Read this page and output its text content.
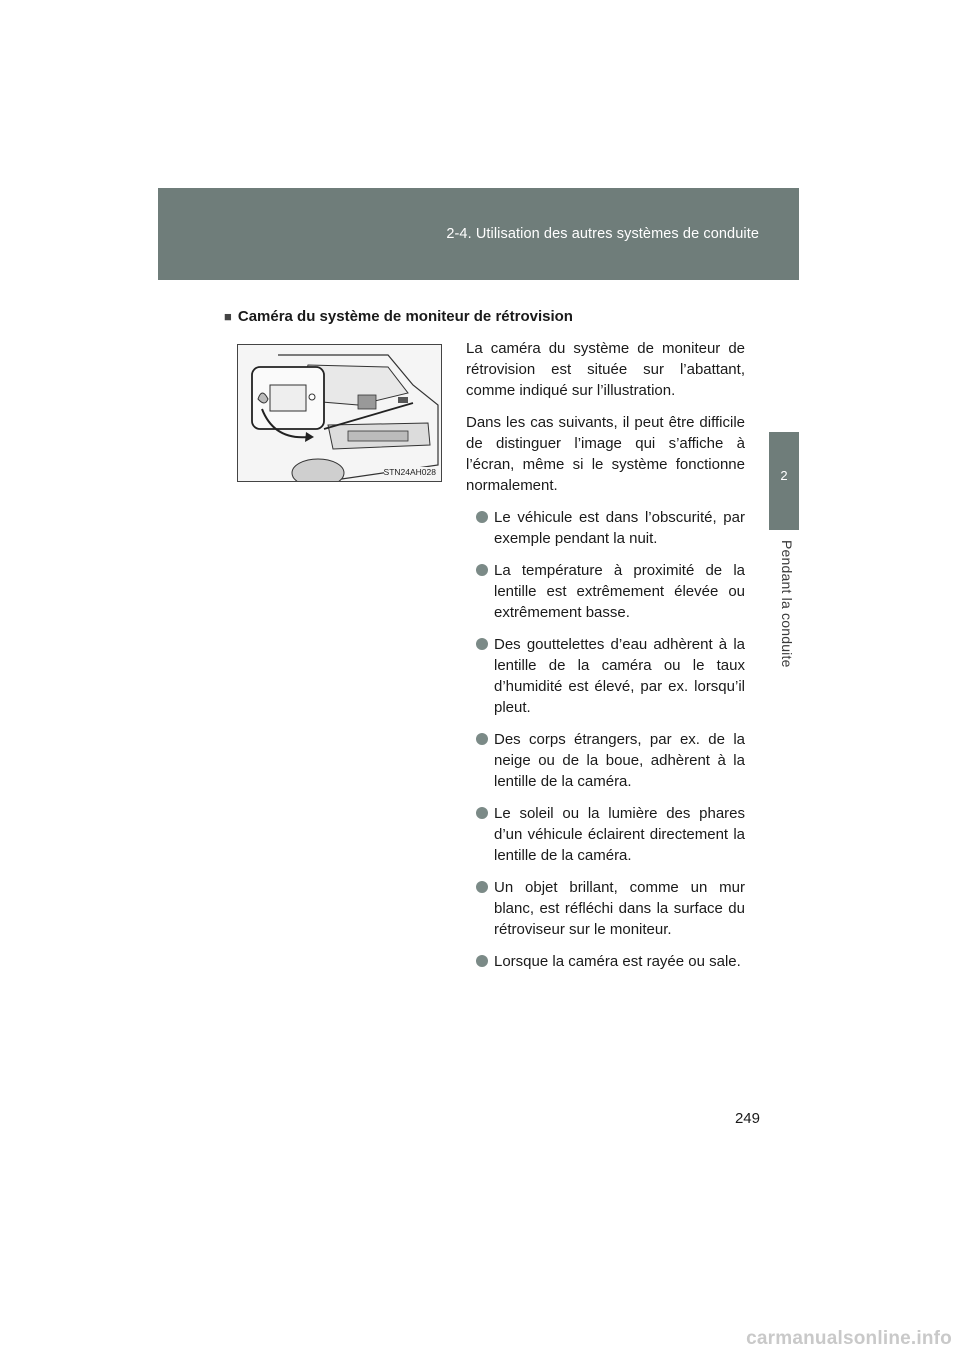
2-4. Utilisation des autres systèmes de conduite
2
Pendant la conduite
■ Caméra du système de moniteur de rétrovision
STN24AH028

La caméra du système de moniteur de rétrovision est située sur l’abattant, comme indiqué sur l’illustration.

Dans les cas suivants, il peut être difficile de distinguer l’image qui s’affiche à l’écran, même si le système fonctionne normalement.

Le véhicule est dans l’obscurité, par exemple pendant la nuit.
La température à proximité de la lentille est extrêmement élevée ou extrêmement basse.
Des gouttelettes d’eau adhèrent à la lentille de la caméra ou le taux d’humidité est élevé, par ex. lorsqu’il pleut.
Des corps étrangers, par ex. de la neige ou de la boue, adhèrent à la lentille de la caméra.
Le soleil ou la lumière des phares d’un véhicule éclairent directement la lentille de la caméra.
Un objet brillant, comme un mur blanc, est réfléchi dans la surface du rétroviseur sur le moniteur.
Lorsque la caméra est rayée ou sale.
249
carmanualsonline.info
